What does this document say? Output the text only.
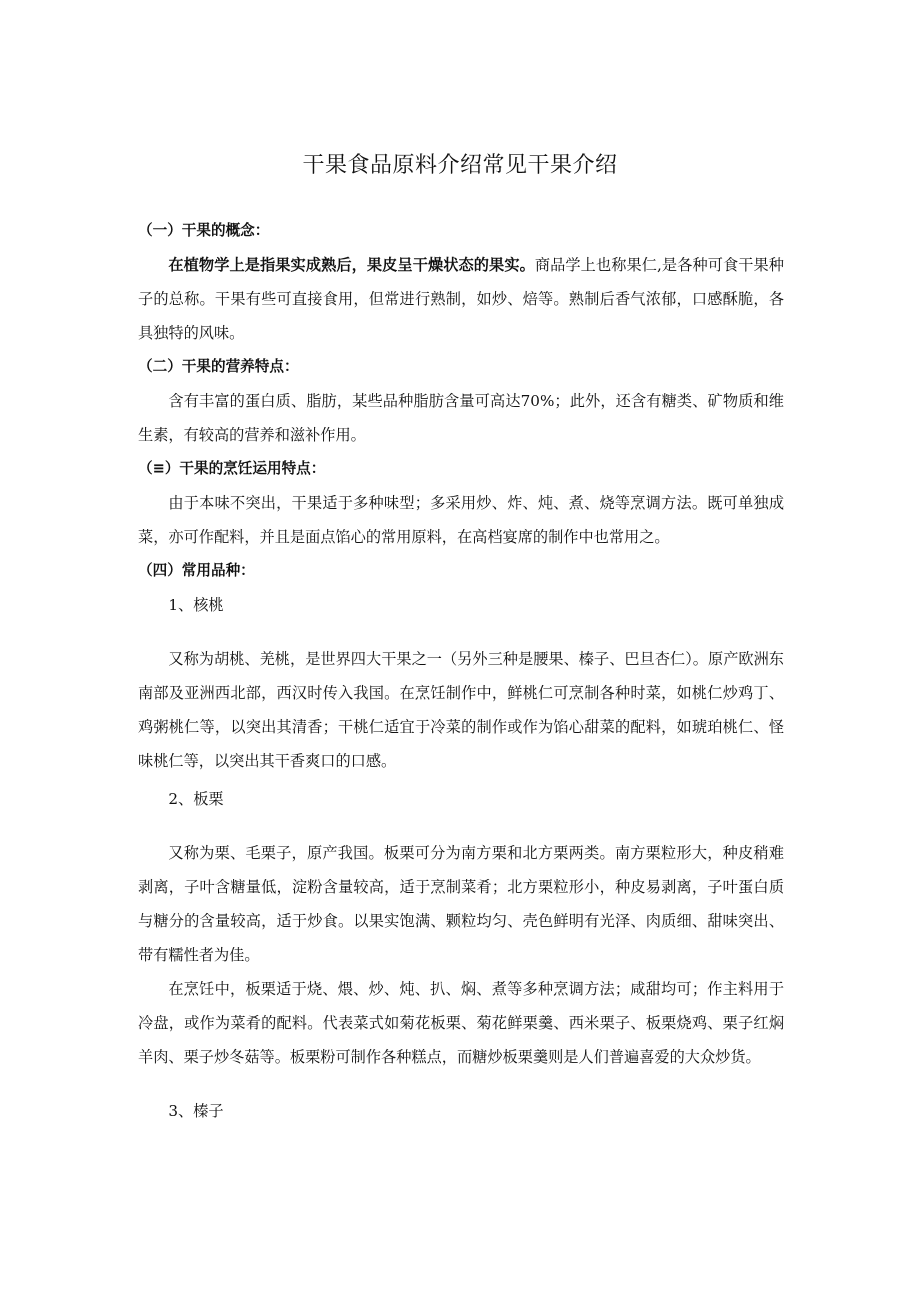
干果食品原料介绍常见干果介绍
（一）干果的概念：

在植物学上是指果实成熟后，果皮呈干燥状态的果实。商品学上也称果仁,是各种可食干果种子的总称。干果有些可直接食用，但常进行熟制，如炒、焙等。熟制后香气浓郁，口感酥脆，各具独特的风味。

（二）干果的营养特点：

含有丰富的蛋白质、脂肪，某些品种脂肪含量可高达70%；此外，还含有糖类、矿物质和维生素，有较高的营养和滋补作用。

（≡）干果的烹饪运用特点：

由于本味不突出，干果适于多种味型；多采用炒、炸、炖、煮、烧等烹调方法。既可单独成菜，亦可作配料，并且是面点馅心的常用原料，在高档宴席的制作中也常用之。

（四）常用品种：
1、核桃

又称为胡桃、羌桃，是世界四大干果之一（另外三种是腰果、榛子、巴旦杏仁）。原产欧洲东南部及亚洲西北部，西汉时传入我国。在烹饪制作中，鲜桃仁可烹制各种时菜，如桃仁炒鸡丁、鸡粥桃仁等，以突出其清香；干桃仁适宜于冷菜的制作或作为馅心甜菜的配料，如琥珀桃仁、怪味桃仁等，以突出其干香爽口的口感。

2、板栗

又称为栗、毛栗子，原产我国。板栗可分为南方栗和北方栗两类。南方栗粒形大，种皮稍难剥离，子叶含糖量低，淀粉含量较高，适于烹制菜肴；北方栗粒形小，种皮易剥离，子叶蛋白质与糖分的含量较高，适于炒食。以果实饱满、颗粒均匀、壳色鲜明有光泽、肉质细、甜味突出、带有糯性者为佳。

在烹饪中，板栗适于烧、煨、炒、炖、扒、焖、煮等多种烹调方法；咸甜均可；作主料用于冷盘，或作为菜肴的配料。代表菜式如菊花板栗、菊花鲜栗羹、西米栗子、板栗烧鸡、栗子红焖羊肉、栗子炒冬菇等。板栗粉可制作各种糕点，而糖炒板栗羹则是人们普遍喜爱的大众炒货。

3、榛子
